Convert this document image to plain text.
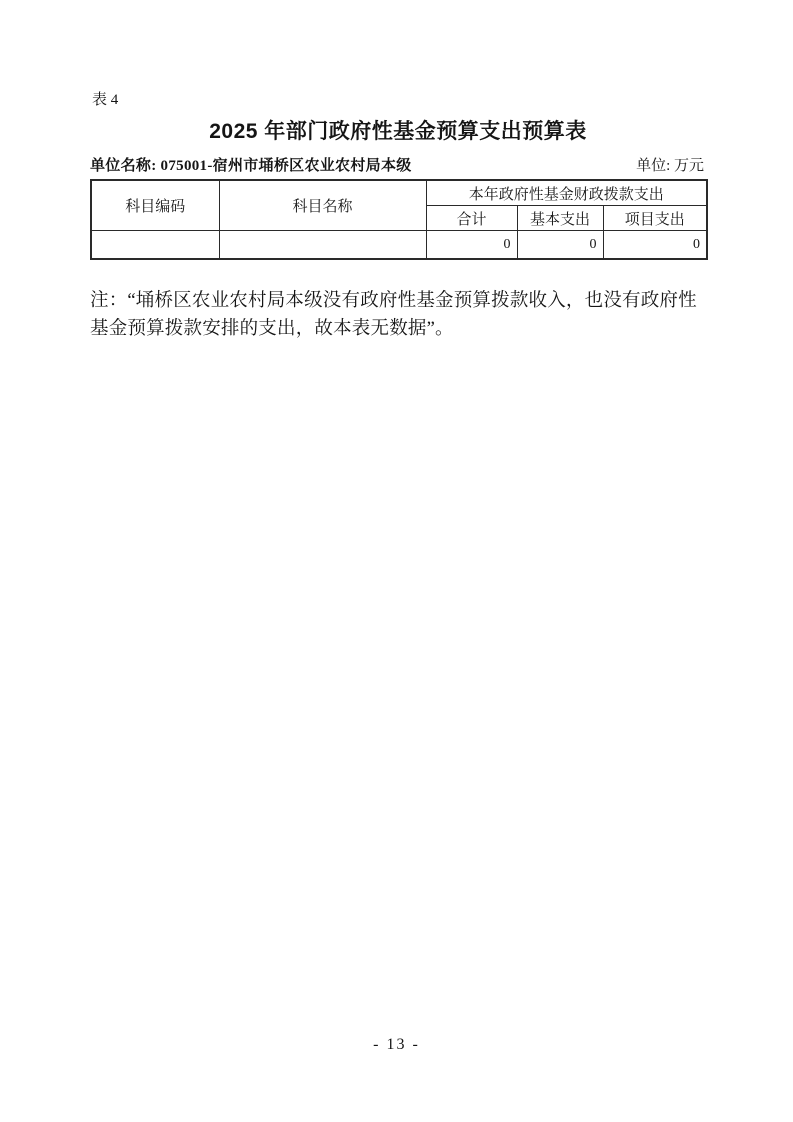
表 4
2025 年部门政府性基金预算支出预算表
单位名称: 075001-宿州市埇桥区农业农村局本级	单位: 万元
科目编码	科目名称	本年政府性基金财政拨款支出		
		合计	基本支出	项目支出
		0	0	0
注：“埇桥区农业农村局本级没有政府性基金预算拨款收入，也没有政府性
基金预算拨款安排的支出，故本表无数据”。
- 13 -
